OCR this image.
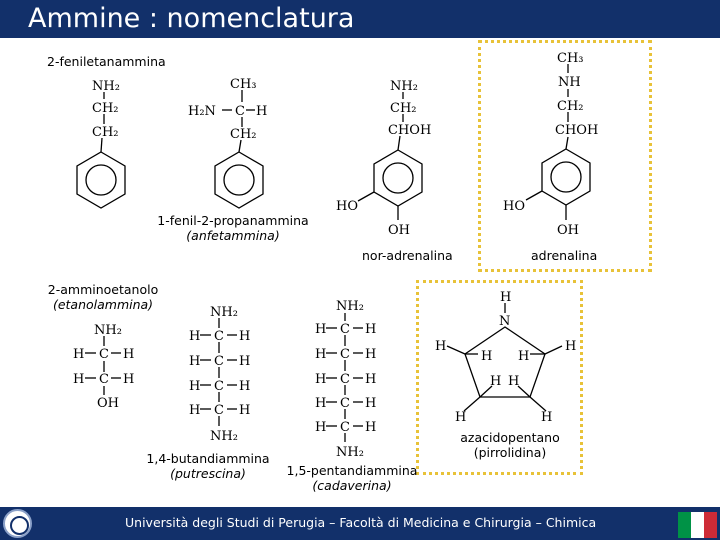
Ammine : nomenclatura
NH₂
CH₂
CH₂
CH₃
H₂N C H
CH₂
NH₂
CH₂
CHOH
HO
OH
CH₃
NH
CH₂
CHOH
HO
OH
NH₂
H C H
H C H
OH
NH₂
H C H
H C H
H C H
H C H
NH₂
NH₂
H C H
H C H
H C H
H C H
H C H
NH₂
H
N
H
H H
H
H H
H	H
2-feniletanammina
1-fenil-2-propanammina
(anfetammina)
nor-adrenalina	adrenalina
2-amminoetanolo
(etanolammina)
1,4-butandiammina
(putrescina)	1,5-pentandiammina
(cadaverina)
azacidopentano
(pirrolidina)
Università degli Studi di Perugia – Facoltà di Medicina e Chirurgia – Chimica
